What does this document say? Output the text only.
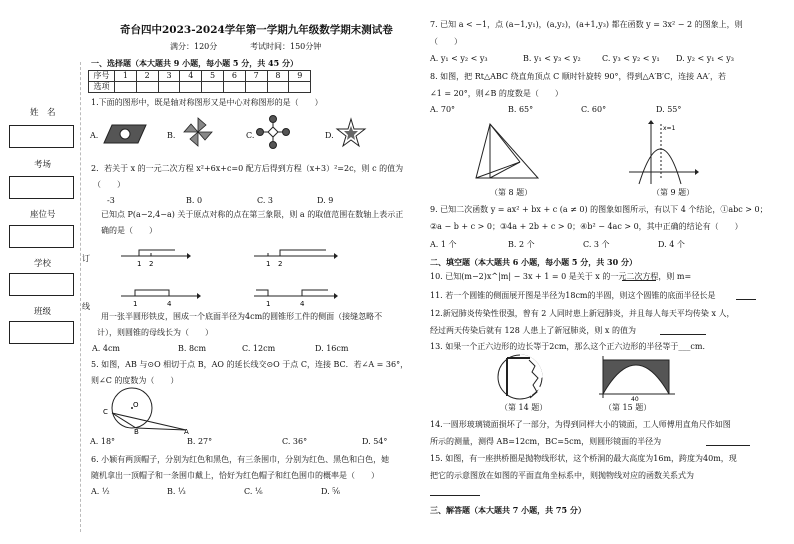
姓　名
考场
座位号
学校
班级
订
线
奇台四中2023-2024学年第一学期九年级数学期末测试卷
满分：120分	考试时间：150分钟
一、选择题（本大题共 9 小题，每小题 5 分，共 45 分）
序号	1	2	3	4	5	6	7	8	9
选项									
1.下面的图形中，既是轴对称图形又是中心对称图形的是（　　）
A.	B.	C.	D.
2．若关于 x 的一元二次方程 x²+6x+c=0 配方后得到方程（x+3）²=2c，则 c 的值为
（　　）
-3	B. 0	C. 3	D. 9
已知点 P(a−2,4−a) 关于原点对称的点在第三象限，则 a 的取值范围在数轴上表示正
确的是（　　）
1 2	1 2
1	4	1	4
用一张半圆形铁皮，围成一个底面半径为4cm的圆锥形工件的侧面（接缝忽略不
计），则圆锥的母线长为（　　）
A. 4cm	B. 8cm	C. 12cm	D. 16cm
5. 如图，AB 与⊙O 相切于点 B，AO 的延长线交⊙O 于点 C，连接 BC．若∠A = 36°，
则∠C 的度数为（　　）
C
O
B	A
A. 18°	B. 27°	C. 36°	D. 54°
6. 小颖有两顶帽子，分别为红色和黑色，有三条围巾，分别为红色、黑色和白色，她
随机拿出一顶帽子和一条围巾戴上，恰好为红色帽子和红色围巾的概率是（　　）
A. ½	B. ⅓	C. ⅙	D. ⅚
7. 已知 a < −1，点 (a−1,y₁)，(a,y₂)，(a+1,y₃) 都在函数 y = 3x² − 2 的图象上，则
（　　）
A. y₁ < y₂ < y₃	B. y₁ < y₃ < y₂	C. y₃ < y₂ < y₁ D. y₂ < y₁ < y₃
8. 如图，把 Rt△ABC 绕直角顶点 C 顺时针旋转 90°，得到△A′B′C，连接 AA′，若
∠1 = 20°，则∠B 的度数是（　　）
A. 70°	B. 65°	C. 60°	D. 55°
（第 8 题）
x=1
（第 9 题）
9. 已知二次函数 y = ax² + bx + c (a ≠ 0) 的图象如图所示，有以下 4 个结论，①abc > 0；
②a − b + c > 0；③4a + 2b + c > 0；④b² − 4ac > 0，其中正确的结论有（　　）
A. 1 个	B. 2 个	C. 3 个	D. 4 个
二、填空题（本大题共 6 小题，每小题 5 分，共 30 分）
10. 已知(m−2)x^|m| − 3x + 1 = 0 是关于 x 的一元二次方程，则 m=
11. 若一个圆锥的侧面展开图是半径为18cm的半圆，则这个圆锥的底面半径长是
12.新冠肺炎传染性很强，曾有 2 人同时患上新冠肺炎，并且每人每天平均传染 x 人，
经过两天传染后就有 128 人患上了新冠肺炎，则 x 的值为
13. 如果一个正六边形的边长等于2cm，那么这个正六边形的半径等于___cm．
（第 14 题）
40
（第 15 题）
14.一圆形玻璃镜面损坏了一部分，为得到同样大小的镜面，工人师傅用直角尺作如图
所示的测量，测得 AB=12cm，BC=5cm，则圆形镜面的半径为
15. 如图，有一座拱桥圈是抛物线形状，这个桥洞的最大高度为16m，跨度为40m，现
把它的示意图放在如图的平面直角坐标系中，则抛物线对应的函数关系式为
三、解答题（本大题共 7 小题，共 75 分）
